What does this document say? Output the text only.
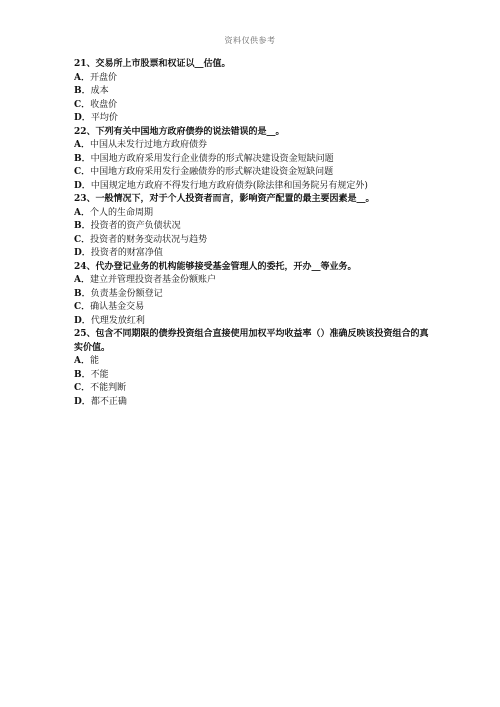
资料仅供参考
21、交易所上市股票和权证以__估值。
A．开盘价
B．成本
C．收盘价
D．平均价
22、下列有关中国地方政府债券的说法错误的是__。
A．中国从未发行过地方政府债券
B．中国地方政府采用发行企业债券的形式解决建设资金短缺问题
C．中国地方政府采用发行金融债券的形式解决建设资金短缺问题
D．中国规定地方政府不得发行地方政府债券(除法律和国务院另有规定外)
23、一般情况下，对于个人投资者而言，影响资产配置的最主要因素是__。
A．个人的生命周期
B．投资者的资产负债状况
C．投资者的财务变动状况与趋势
D．投资者的财富净值
24、代办登记业务的机构能够接受基金管理人的委托，开办__等业务。
A．建立并管理投资者基金份额账户
B．负责基金份额登记
C．确认基金交易
D．代理发放红利
25、包含不同期限的债券投资组合直接使用加权平均收益率（）准确反映该投资组合的真实价值。
A．能
B．不能
C．不能判断
D．都不正确
